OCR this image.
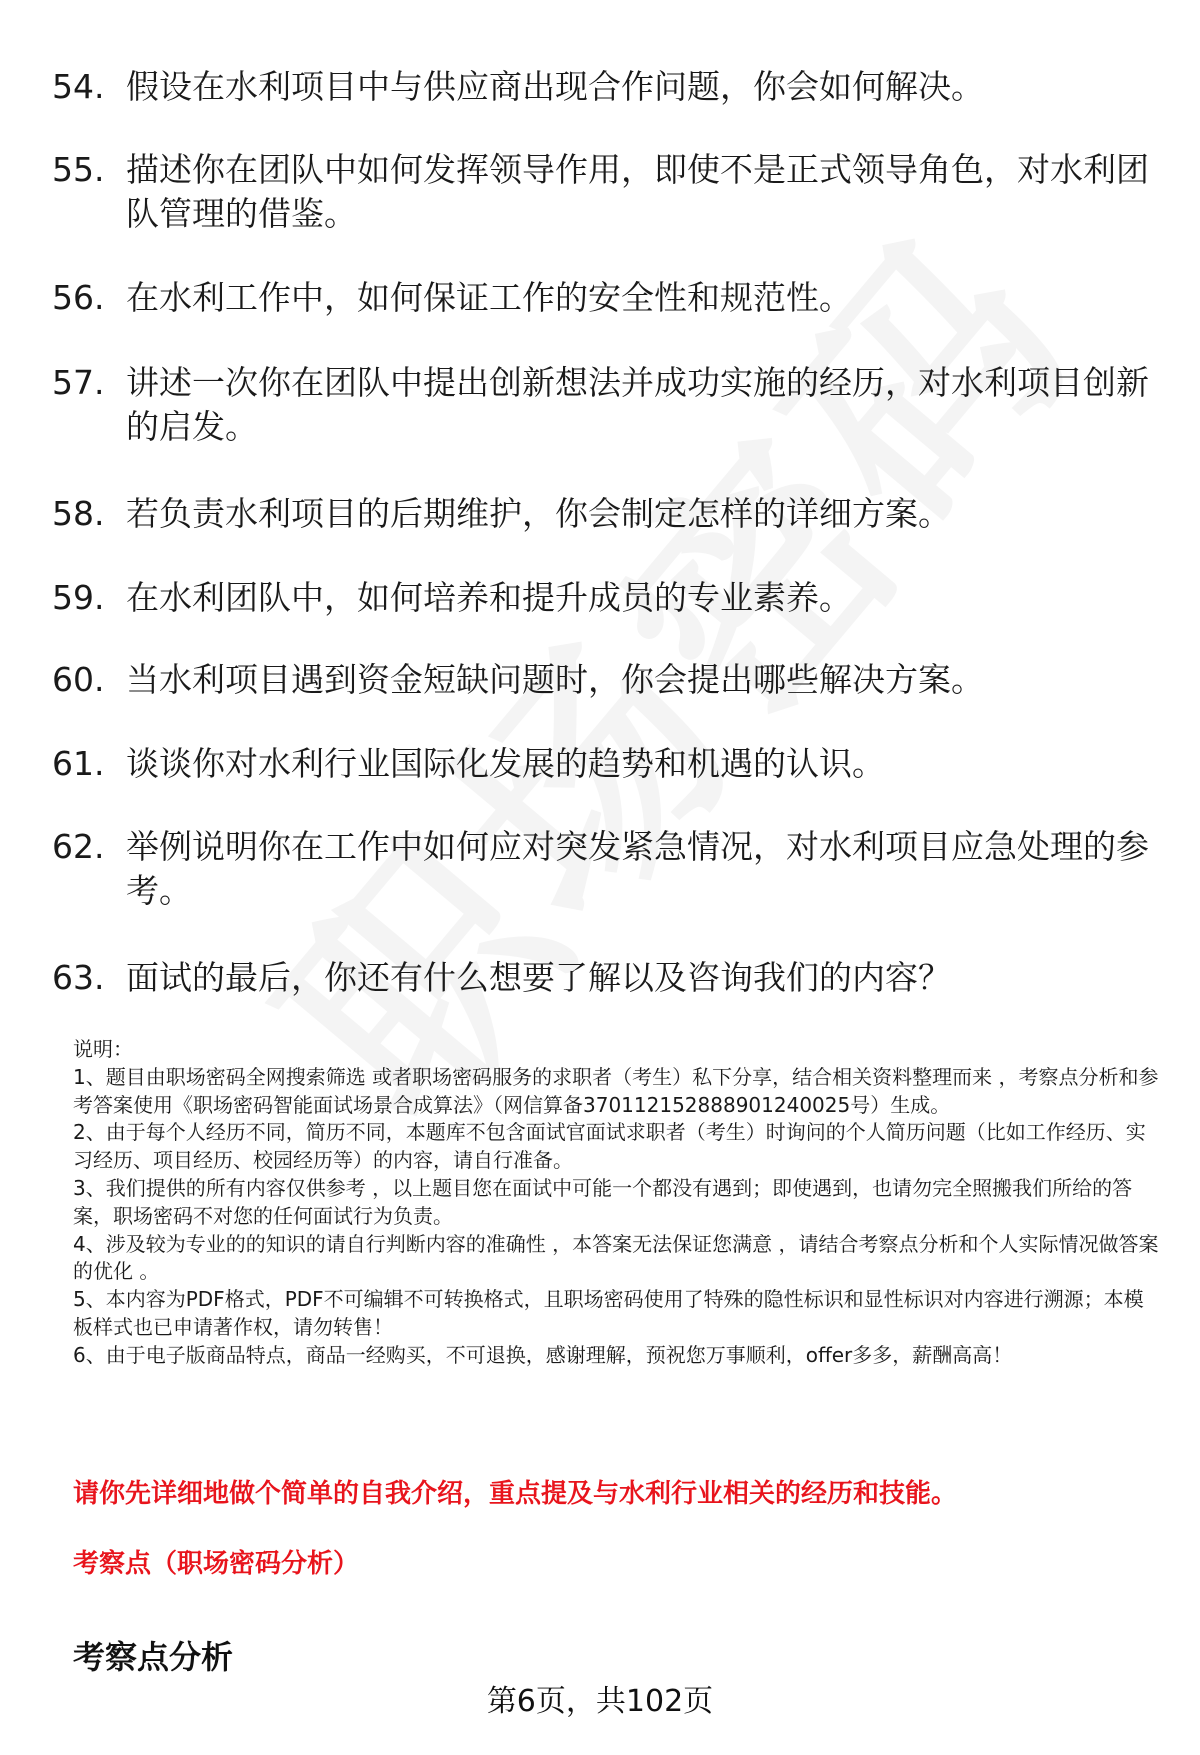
54. 假设在水利项目中与供应商出现合作问题，你会如何解决。
55. 描述你在团队中如何发挥领导作用，即使不是正式领导角色，对水利团队管理的借鉴。
56. 在水利工作中，如何保证工作的安全性和规范性。
57. 讲述一次你在团队中提出创新想法并成功实施的经历，对水利项目创新的启发。
58. 若负责水利项目的后期维护，你会制定怎样的详细方案。
59. 在水利团队中，如何培养和提升成员的专业素养。
60. 当水利项目遇到资金短缺问题时，你会提出哪些解决方案。
61. 谈谈你对水利行业国际化发展的趋势和机遇的认识。
62. 举例说明你在工作中如何应对突发紧急情况，对水利项目应急处理的参考。
63. 面试的最后，你还有什么想要了解以及咨询我们的内容？

说明：

1、题目由职场密码全网搜索筛选 或者职场密码服务的求职者（考生）私下分享，结合相关资料整理而来 ，考察点分析和参考答案使用《职场密码智能面试场景合成算法》（网信算备370112152888901240025号）生成。

2、由于每个人经历不同，简历不同，本题库不包含面试官面试求职者（考生）时询问的个人简历问题（比如工作经历、实习经历、项目经历、校园经历等）的内容，请自行准备。

3、我们提供的所有内容仅供参考 ，以上题目您在面试中可能一个都没有遇到；即使遇到，也请勿完全照搬我们所给的答案，职场密码不对您的任何面试行为负责。

4、涉及较为专业的的知识的请自行判断内容的准确性 ，本答案无法保证您满意 ，请结合考察点分析和个人实际情况做答案的优化 。

5、本内容为PDF格式，PDF不可编辑不可转换格式，且职场密码使用了特殊的隐性标识和显性标识对内容进行溯源；本模板样式也已申请著作权，请勿转售！

6、由于电子版商品特点，商品一经购买，不可退换，感谢理解，预祝您万事顺利，offer多多，薪酬高高！

请你先详细地做个简单的自我介绍，重点提及与水利行业相关的经历和技能。
考察点（职场密码分析）
考察点分析
第6页，共102页
